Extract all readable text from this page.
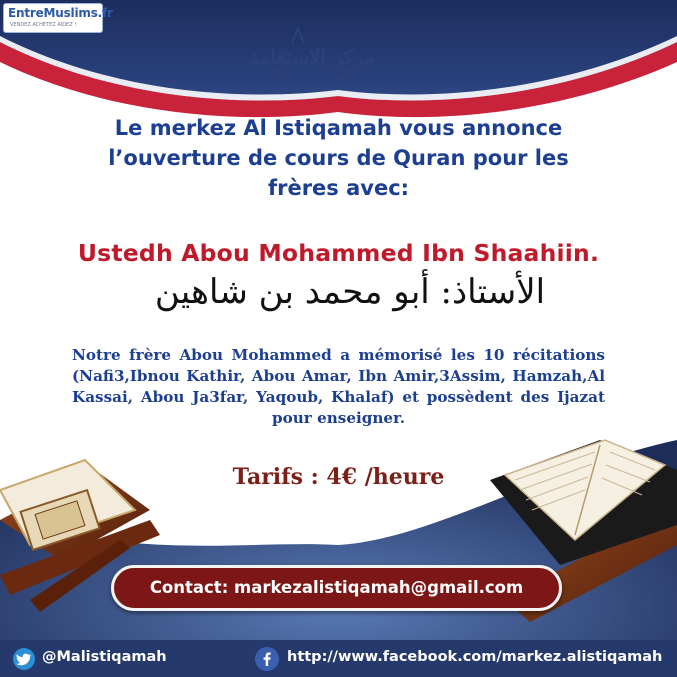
EntreMuslims.fr
VENDEZ ACHETEZ AIDEZ !
مركز الاستقامة
Le merkez Al Istiqamah vous annonce
l’ouverture de cours de Quran pour les
frères avec:
Ustedh Abou Mohammed Ibn Shaahiin.
الأستاذ: أبو محمد بن شاهين
Notre frère Abou Mohammed a mémorisé les 10 récitations (Nafi3,Ibnou Kathir, Abou Amar, Ibn Amir,3Assim, Hamzah,Al Kassai, Abou Ja3far, Yaqoub, Khalaf) et possèdent des Ijazat pour enseigner.
Tarifs : 4€ /heure
Contact: markezalistiqamah@gmail.com
@Malistiqamah	http://www.facebook.com/markez.alistiqamah
